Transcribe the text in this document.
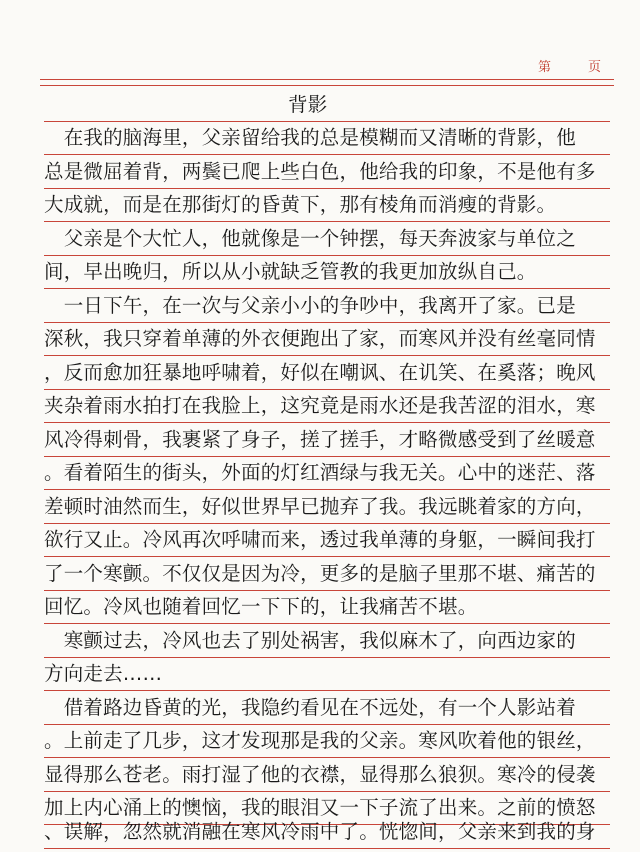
第	页
背影
　在我的脑海里，父亲留给我的总是模糊而又清晰的背影，他
总是微屈着背，两鬓已爬上些白色，他给我的印象，不是他有多
大成就，而是在那街灯的昏黄下，那有棱角而消瘦的背影。
　父亲是个大忙人，他就像是一个钟摆，每天奔波家与单位之
间，早出晚归，所以从小就缺乏管教的我更加放纵自己。
　一日下午，在一次与父亲小小的争吵中，我离开了家。已是
深秋，我只穿着单薄的外衣便跑出了家，而寒风并没有丝毫同情
，反而愈加狂暴地呼啸着，好似在嘲讽、在讥笑、在奚落；晚风
夹杂着雨水拍打在我脸上，这究竟是雨水还是我苦涩的泪水，寒
风冷得刺骨，我裹紧了身子，搓了搓手，才略微感受到了丝暖意
。看着陌生的街头，外面的灯红酒绿与我无关。心中的迷茫、落
差顿时油然而生，好似世界早已抛弃了我。我远眺着家的方向，
欲行又止。冷风再次呼啸而来，透过我单薄的身躯，一瞬间我打
了一个寒颤。不仅仅是因为冷，更多的是脑子里那不堪、痛苦的
回忆。冷风也随着回忆一下下的，让我痛苦不堪。
　寒颤过去，冷风也去了别处祸害，我似麻木了，向西边家的
方向走去……
　借着路边昏黄的光，我隐约看见在不远处，有一个人影站着
。上前走了几步，这才发现那是我的父亲。寒风吹着他的银丝，
显得那么苍老。雨打湿了他的衣襟，显得那么狼狈。寒冷的侵袭
加上内心涌上的懊恼，我的眼泪又一下子流了出来。之前的愤怒
、误解，忽然就消融在寒风冷雨中了。恍惚间，父亲来到我的身
